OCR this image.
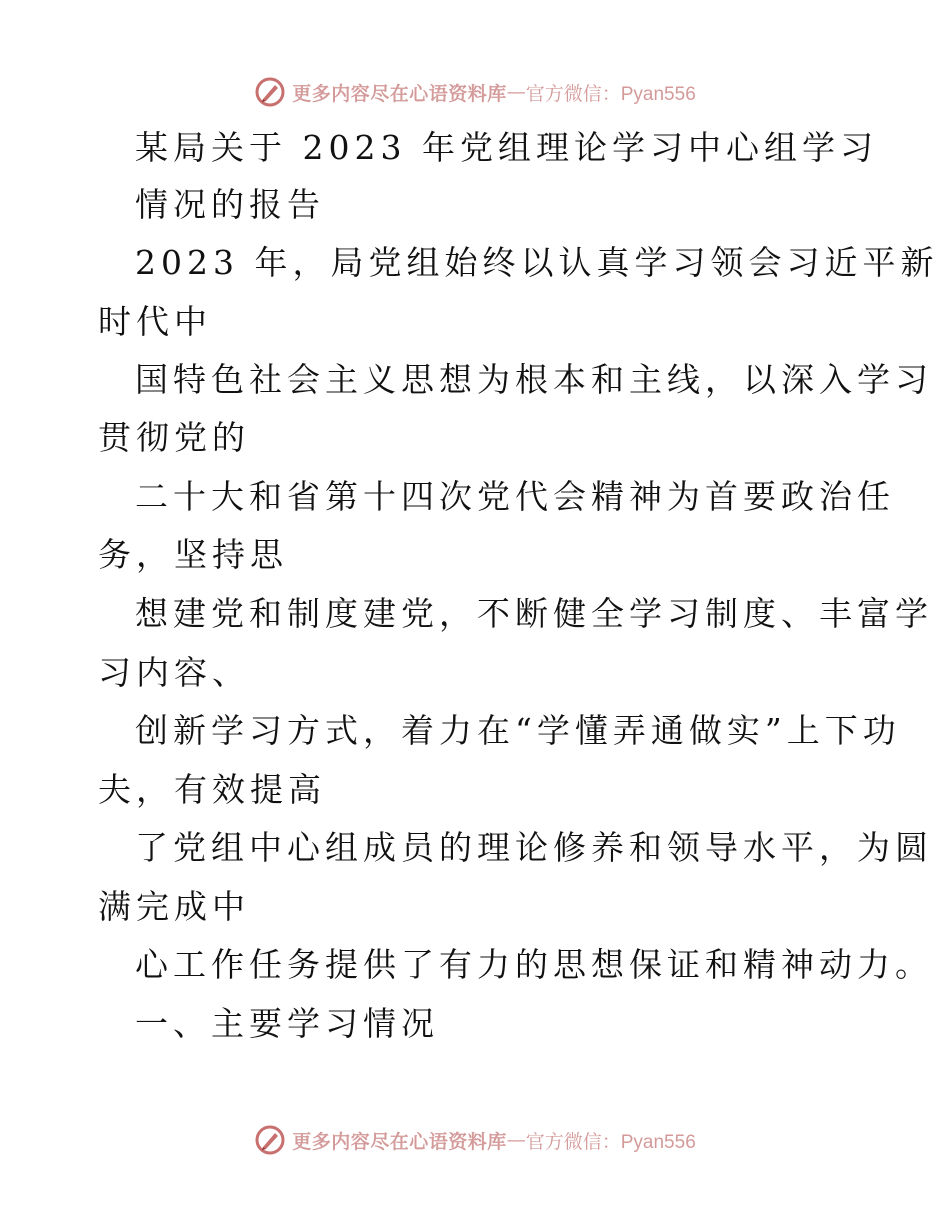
更多内容尽在心语资料库 — 官方微信：Pyan556
某局关于 2023 年党组理论学习中心组学习
情况的报告
2023 年，局党组始终以认真学习领会习近平新
时代中
国特色社会主义思想为根本和主线，以深入学习
贯彻党的
二十大和省第十四次党代会精神为首要政治任
务，坚持思
想建党和制度建党，不断健全学习制度、丰富学
习内容、
创新学习方式，着力在“学懂弄通做实”上下功
夫，有效提高
了党组中心组成员的理论修养和领导水平，为圆
满完成中
心工作任务提供了有力的思想保证和精神动力。
一、主要学习情况
更多内容尽在心语资料库 — 官方微信：Pyan556
